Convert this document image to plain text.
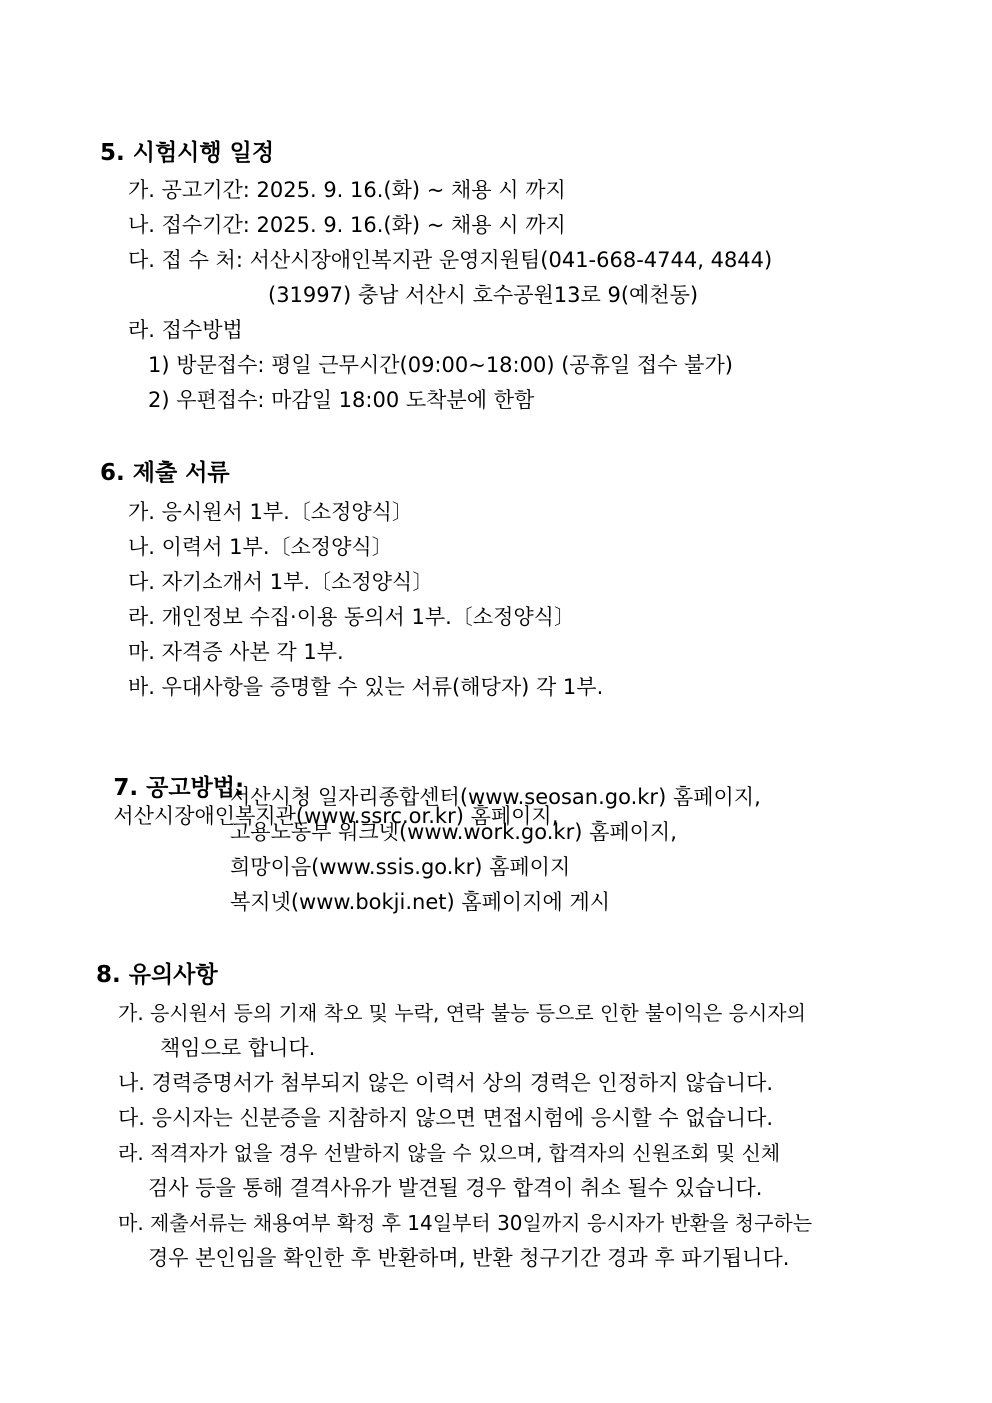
5. 시험시행 일정
가. 공고기간: 2025. 9. 16.(화) ~ 채용 시 까지
나. 접수기간: 2025. 9. 16.(화) ~ 채용 시 까지
다. 접 수 처: 서산시장애인복지관 운영지원팀(041-668-4744, 4844)
(31997) 충남 서산시 호수공원13로 9(예천동)
라. 접수방법
1) 방문접수: 평일 근무시간(09:00~18:00) (공휴일 접수 불가)
2) 우편접수: 마감일 18:00 도착분에 한함
6. 제출 서류
가. 응시원서 1부.〔소정양식〕
나. 이력서 1부.〔소정양식〕
다. 자기소개서 1부.〔소정양식〕
라. 개인정보 수집·이용 동의서 1부.〔소정양식〕
마. 자격증 사본 각 1부.
바. 우대사항을 증명할 수 있는 서류(해당자) 각 1부.

7. 공고방법:
서산시장애인복지관(www.ssrc.or.kr) 홈페이지,

서산시청 일자리종합센터(www.seosan.go.kr) 홈페이지,
고용노동부 워크넷(www.work.go.kr) 홈페이지,
희망이음(www.ssis.go.kr) 홈페이지
복지넷(www.bokji.net) 홈페이지에 게시
8. 유의사항
가. 응시원서 등의 기재 착오 및 누락, 연락 불능 등으로 인한 불이익은 응시자의
책임으로 합니다.
나. 경력증명서가 첨부되지 않은 이력서 상의 경력은 인정하지 않습니다.
다. 응시자는 신분증을 지참하지 않으면 면접시험에 응시할 수 없습니다.
라. 적격자가 없을 경우 선발하지 않을 수 있으며, 합격자의 신원조회 및 신체
검사 등을 통해 결격사유가 발견될 경우 합격이 취소 될수 있습니다.
마. 제출서류는 채용여부 확정 후 14일부터 30일까지 응시자가 반환을 청구하는
경우 본인임을 확인한 후 반환하며, 반환 청구기간 경과 후 파기됩니다.
